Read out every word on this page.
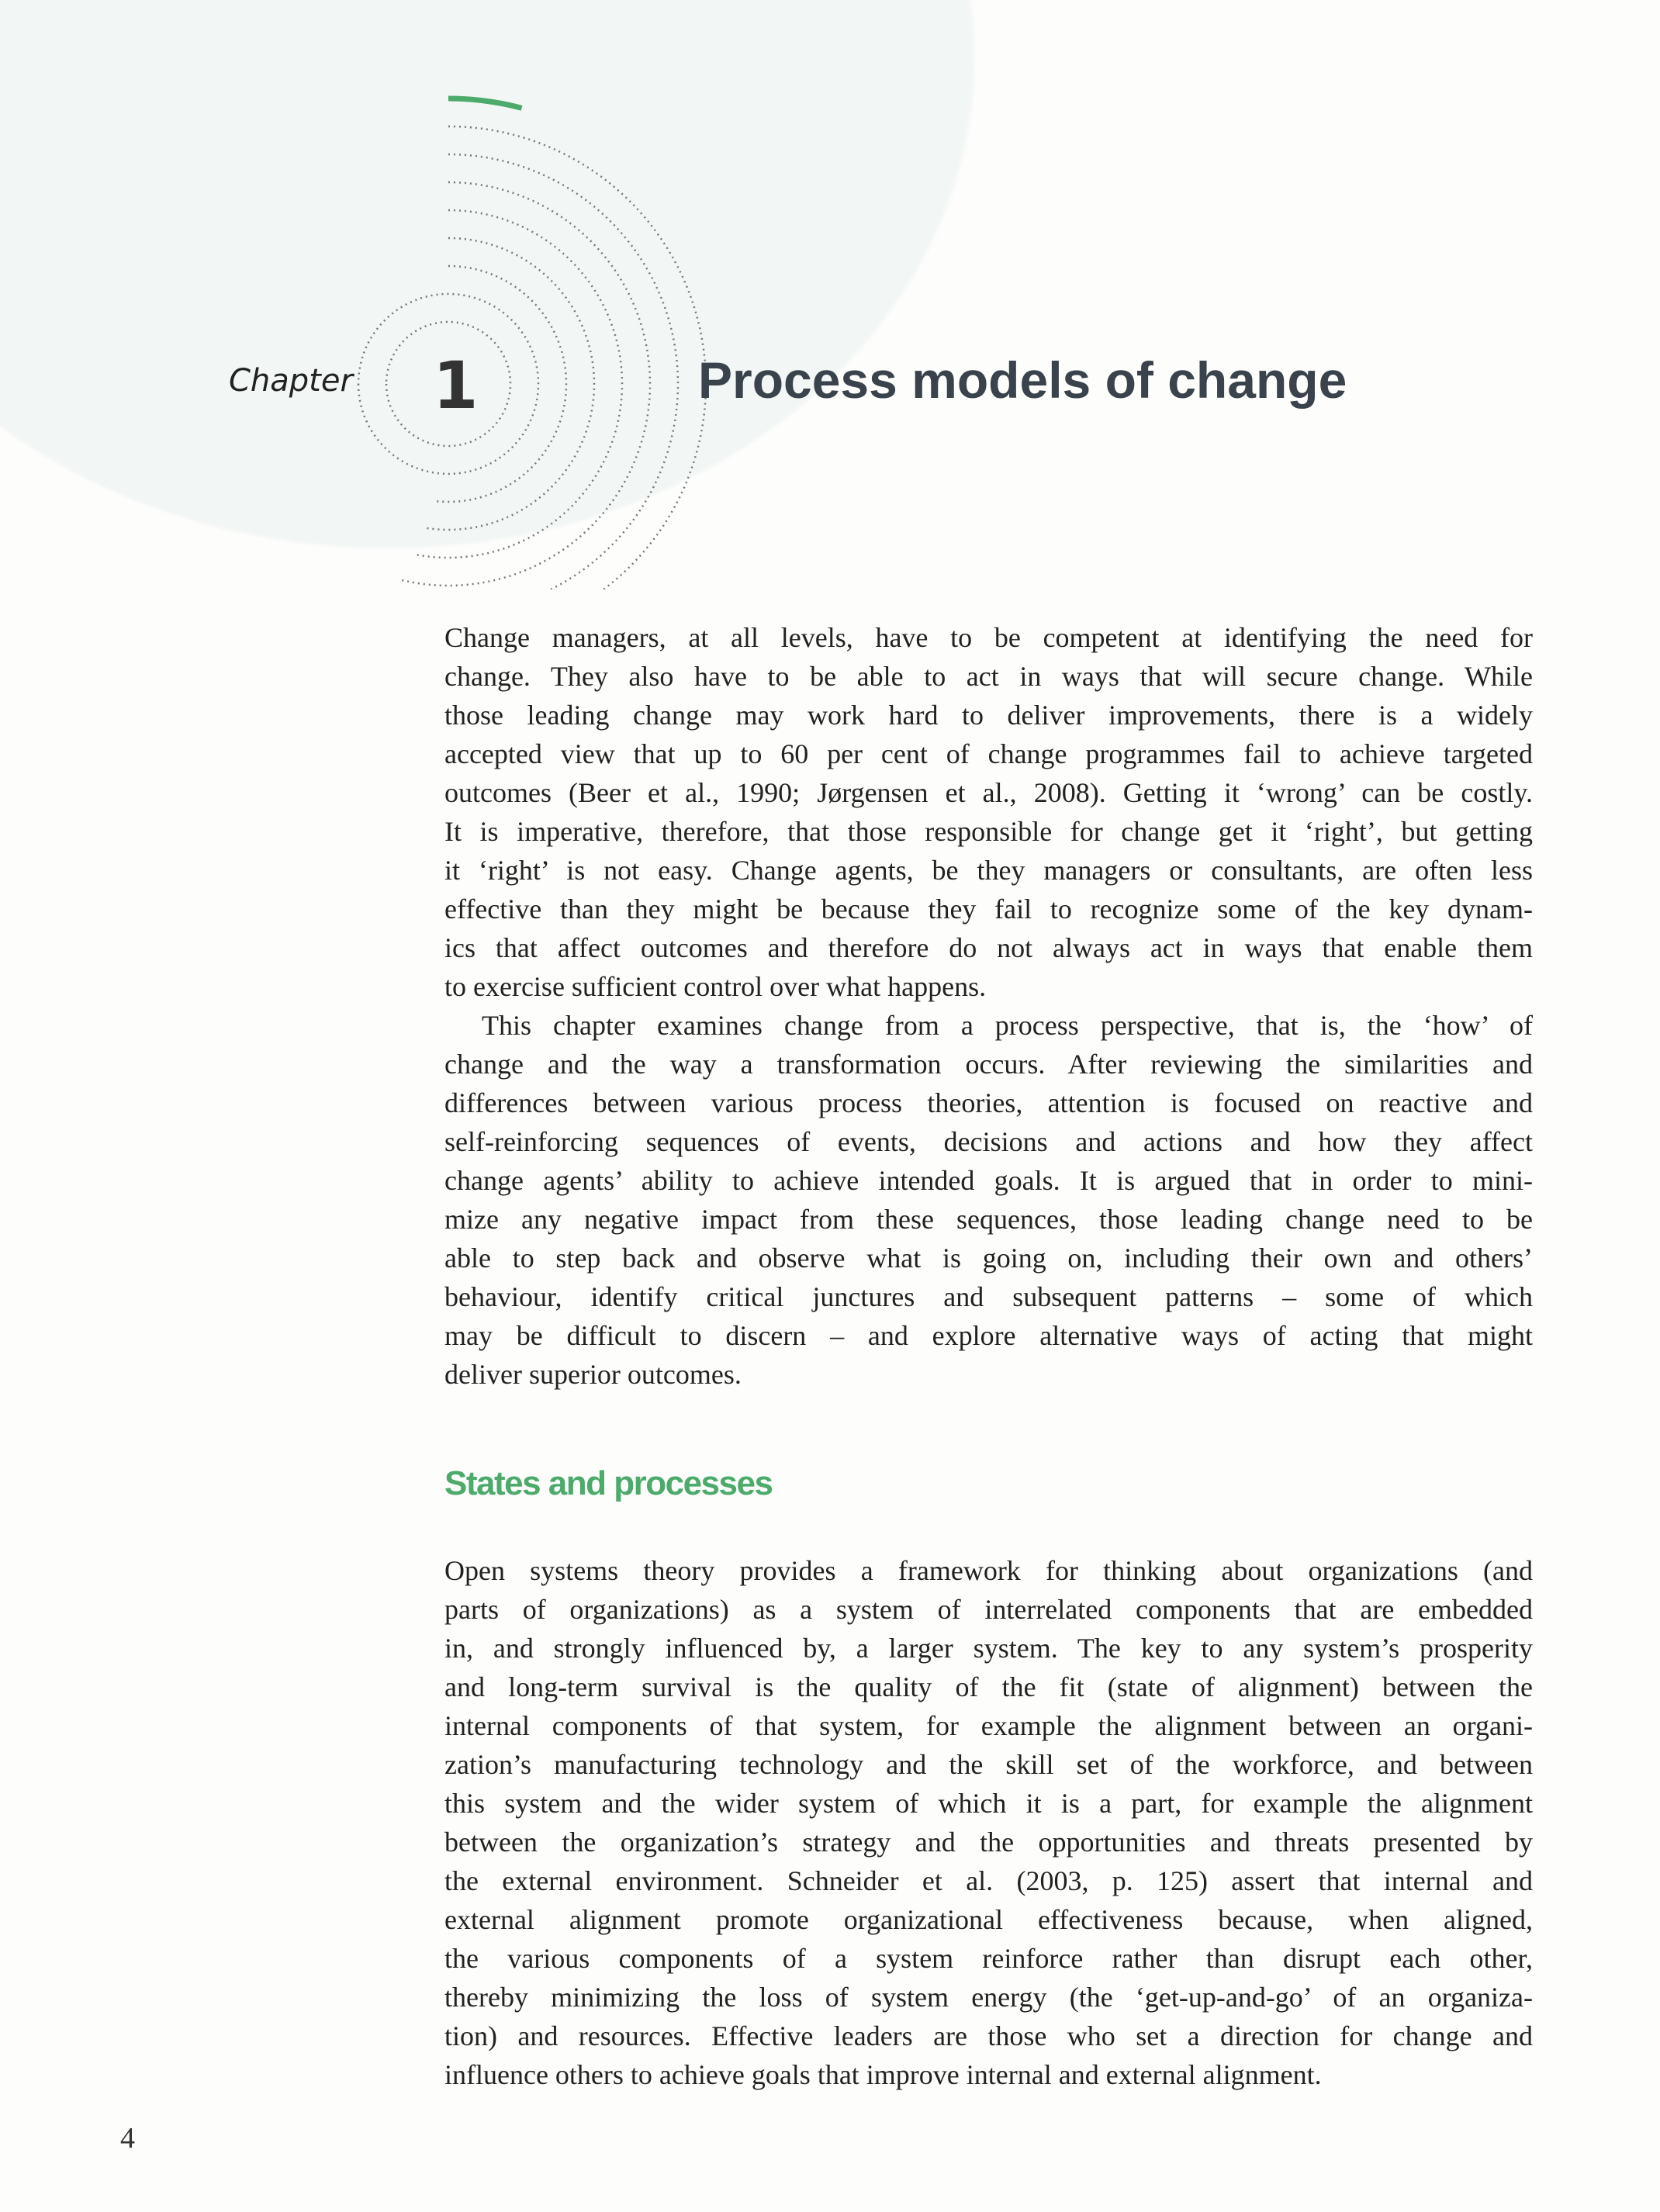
Chapter 1	Process models of change
Change managers, at all levels, have to be competent at identifying the need for
change. They also have to be able to act in ways that will secure change. While
those leading change may work hard to deliver improvements, there is a widely
accepted view that up to 60 per cent of change programmes fail to achieve targeted
outcomes (Beer et al., 1990; Jørgensen et al., 2008). Getting it ‘wrong’ can be costly.
It is imperative, therefore, that those responsible for change get it ‘right’, but getting
it ‘right’ is not easy. Change agents, be they managers or consultants, are often less
effective than they might be because they fail to recognize some of the key dynam-
ics that affect outcomes and therefore do not always act in ways that enable them
to exercise sufficient control over what happens.
This chapter examines change from a process perspective, that is, the ‘how’ of
change and the way a transformation occurs. After reviewing the similarities and
differences between various process theories, attention is focused on reactive and
self-reinforcing sequences of events, decisions and actions and how they affect
change agents’ ability to achieve intended goals. It is argued that in order to mini-
mize any negative impact from these sequences, those leading change need to be
able to step back and observe what is going on, including their own and others’
behaviour, identify critical junctures and subsequent patterns – some of which
may be difficult to discern – and explore alternative ways of acting that might
deliver superior outcomes.
States and processes
Open systems theory provides a framework for thinking about organizations (and
parts of organizations) as a system of interrelated components that are embedded
in, and strongly influenced by, a larger system. The key to any system’s prosperity
and long-term survival is the quality of the fit (state of alignment) between the
internal components of that system, for example the alignment between an organi-
zation’s manufacturing technology and the skill set of the workforce, and between
this system and the wider system of which it is a part, for example the alignment
between the organization’s strategy and the opportunities and threats presented by
the external environment. Schneider et al. (2003, p. 125) assert that internal and
external alignment promote organizational effectiveness because, when aligned,
the various components of a system reinforce rather than disrupt each other,
thereby minimizing the loss of system energy (the ‘get-up-and-go’ of an organiza-
tion) and resources. Effective leaders are those who set a direction for change and
influence others to achieve goals that improve internal and external alignment.
4
